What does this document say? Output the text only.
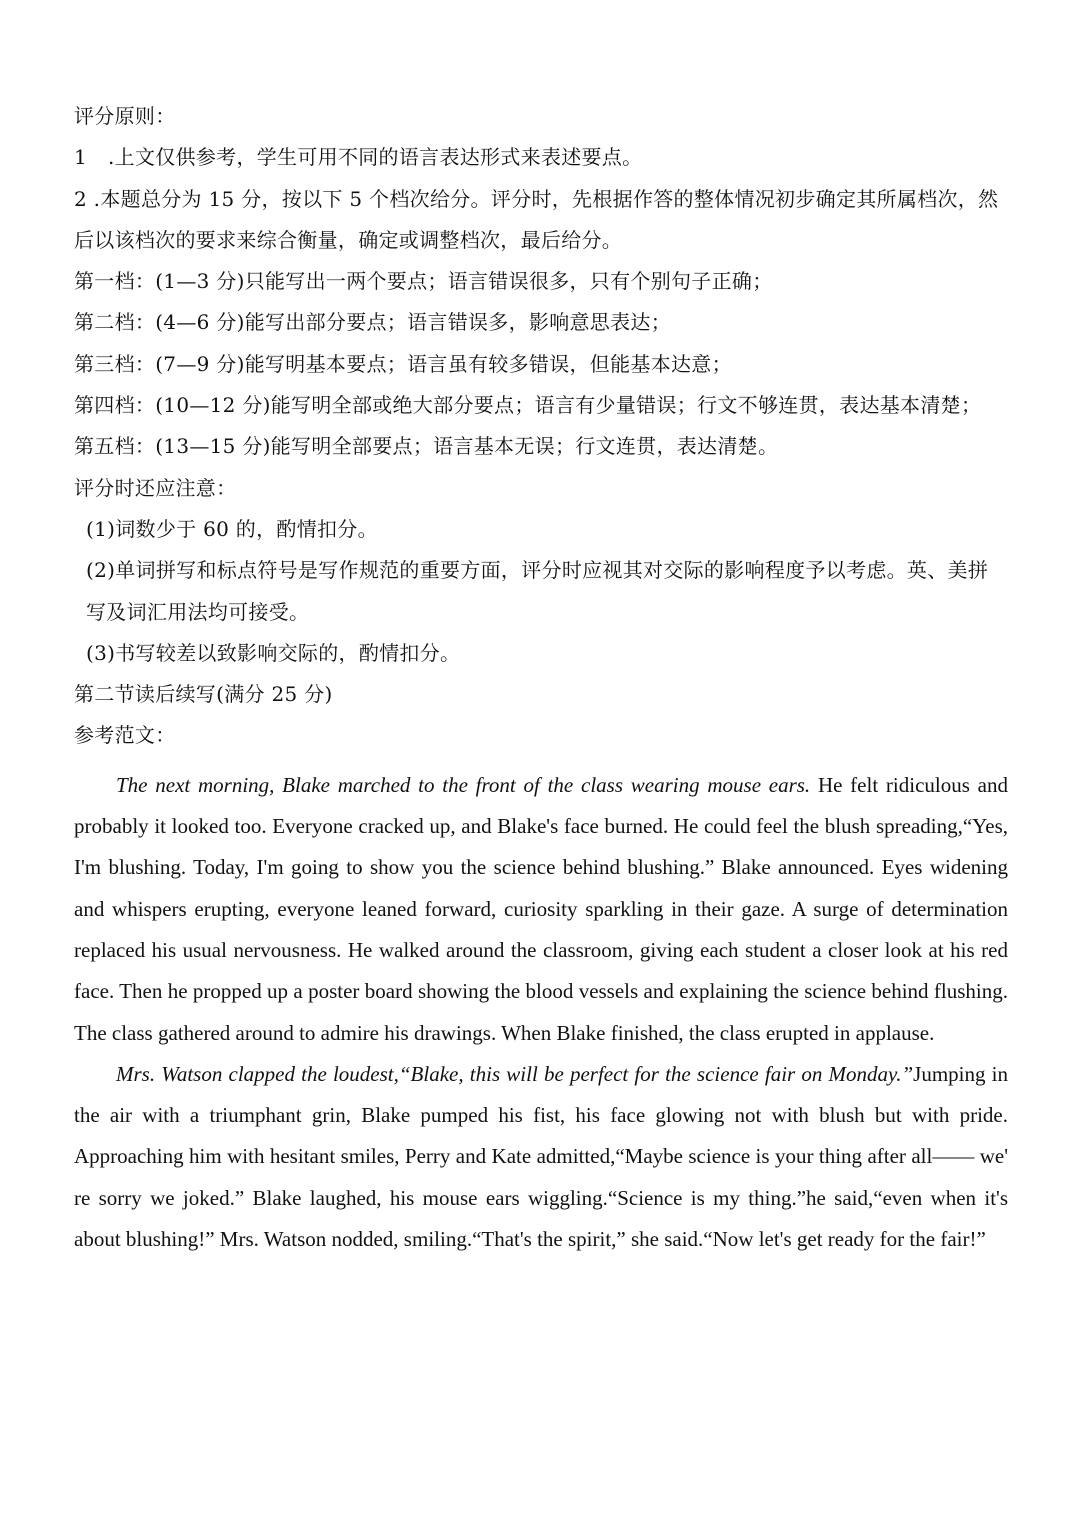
评分原则：

1 .上文仅供参考，学生可用不同的语言表达形式来表述要点。

2 .本题总分为 15 分，按以下 5 个档次给分。评分时，先根据作答的整体情况初步确定其所属档次，然后以该档次的要求来综合衡量，确定或调整档次，最后给分。

第一档：(1—3 分)只能写出一两个要点；语言错误很多，只有个别句子正确；

第二档：(4—6 分)能写出部分要点；语言错误多，影响意思表达；

第三档：(7—9 分)能写明基本要点；语言虽有较多错误，但能基本达意；

第四档：(10—12 分)能写明全部或绝大部分要点；语言有少量错误；行文不够连贯，表达基本清楚；

第五档：(13—15 分)能写明全部要点；语言基本无误；行文连贯，表达清楚。

评分时还应注意：

(1)词数少于 60 的，酌情扣分。

(2)单词拼写和标点符号是写作规范的重要方面，评分时应视其对交际的影响程度予以考虑。英、美拼写及词汇用法均可接受。

(3)书写较差以致影响交际的，酌情扣分。

第二节读后续写(满分 25 分)

参考范文：

The next morning, Blake marched to the front of the class wearing mouse ears. He felt ridiculous and probably it looked too. Everyone cracked up, and Blake's face burned. He could feel the blush spreading,“Yes, I'm blushing. Today, I'm going to show you the science behind blushing.” Blake announced. Eyes widening and whispers erupting, everyone leaned forward, curiosity sparkling in their gaze. A surge of determination replaced his usual nervousness. He walked around the classroom, giving each student a closer look at his red face. Then he propped up a poster board showing the blood vessels and explaining the science behind flushing. The class gathered around to admire his drawings. When Blake finished, the class erupted in applause.

Mrs. Watson clapped the loudest,“Blake, this will be perfect for the science fair on Monday.”Jumping in the air with a triumphant grin, Blake pumped his fist, his face glowing not with blush but with pride. Approaching him with hesitant smiles, Perry and Kate admitted,“Maybe science is your thing after all—— we' re sorry we joked.” Blake laughed, his mouse ears wiggling.“Science is my thing.”he said,“even when it's about blushing!” Mrs. Watson nodded, smiling.“That's the spirit,” she said.“Now let's get ready for the fair!”
